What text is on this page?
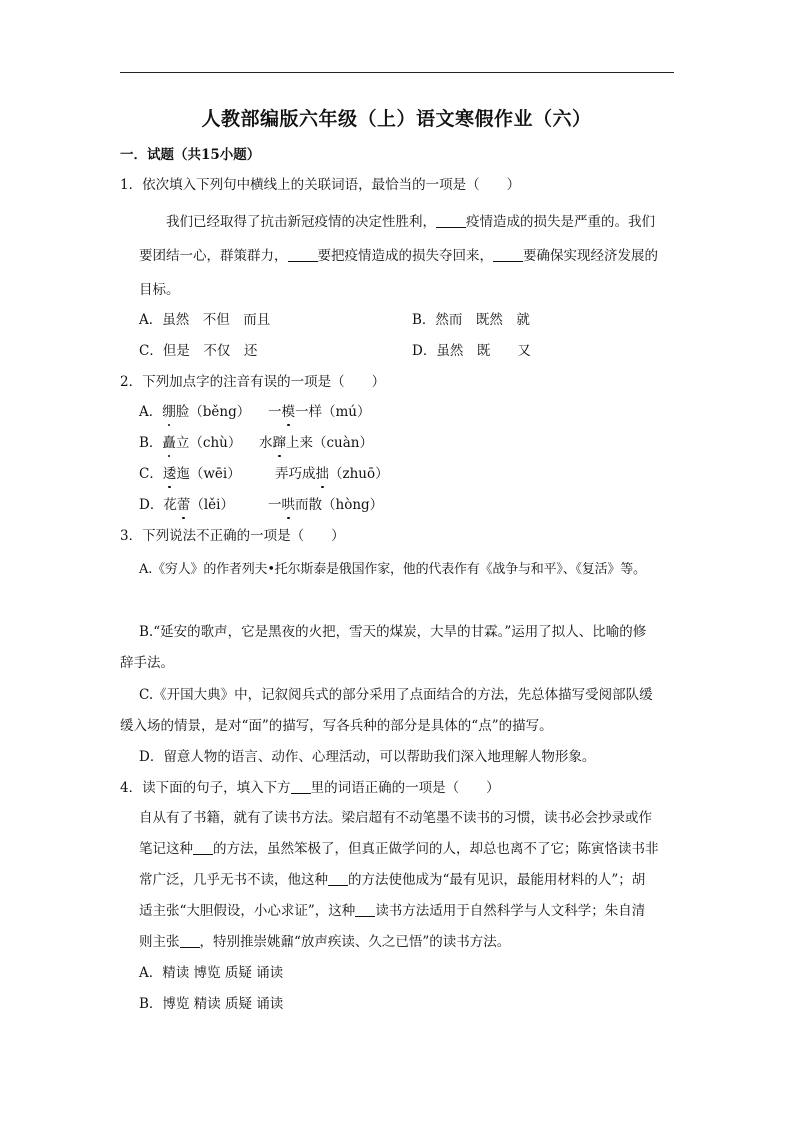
人教部编版六年级（上）语文寒假作业（六）
一．试题（共15小题）
1．依次填入下列句中横线上的关联词语，最恰当的一项是（　　）
我们已经取得了抗击新冠疫情的决定性胜利， 疫情造成的损失是严重的。我们
要团结一心，群策群力， 要把疫情造成的损失夺回来， 要确保实现经济发展的
目标。
A．虽然　不但　而且	B．然而　既然　就
C．但是　不仅　还	D．虽然　既　　又
2．下列加点字的注音有误的一项是（　　）
A．绷脸（běng） 一模一样（mú）
B．矗立（chù） 水蹿上来（cuàn）
C．逶迤（wēi）	弄巧成拙（zhuō）
D．花蕾（lěi）	一哄而散（hòng）
3．下列说法不正确的一项是（　　）
A.《穷人》的作者列夫•托尔斯泰是俄国作家，他的代表作有《战争与和平》、《复活》等。
B.“延安的歌声，它是黑夜的火把，雪天的煤炭，大旱的甘霖。”运用了拟人、比喻的修
辞手法。
C.《开国大典》中，记叙阅兵式的部分采用了点面结合的方法，先总体描写受阅部队缓
缓入场的情景，是对“面”的描写，写各兵种的部分是具体的“点”的描写。
D．留意人物的语言、动作、心理活动，可以帮助我们深入地理解人物形象。
4．读下面的句子，填入下方 里的词语正确的一项是（　　）
自从有了书籍，就有了读书方法。梁启超有不动笔墨不读书的习惯，读书必会抄录或作
笔记这种 的方法，虽然笨极了，但真正做学问的人，却总也离不了它；陈寅恪读书非
常广泛，几乎无书不读，他这种 的方法使他成为“最有见识，最能用材料的人”；胡
适主张“大胆假设，小心求证”，这种 读书方法适用于自然科学与人文科学；朱自清
则主张 ，特别推崇姚鼐“放声疾读、久之已悟”的读书方法。
A．精读 博览 质疑 诵读
B．博览 精读 质疑 诵读
